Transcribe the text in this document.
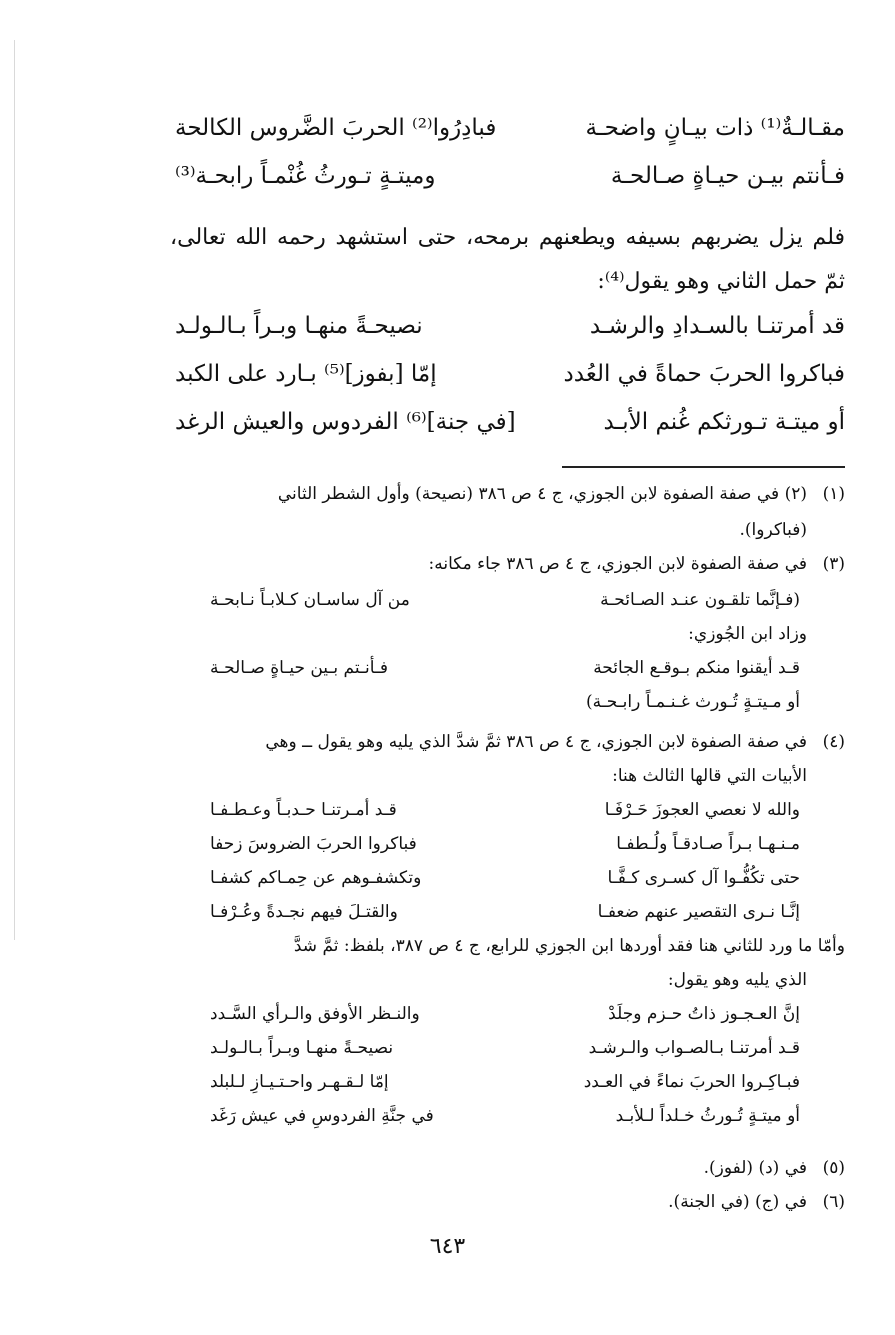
مقـالـةٌ⁽¹⁾ ذات بيـانٍ واضحـة
فبادِرُوا⁽²⁾ الحربَ الضَّروس الكالحة
فـأنتم بيـن حيـاةٍ صـالحـة
وميتـةٍ تـورثُ غُنْمـاً رابحـة⁽³⁾
فلم يزل يضربهم بسيفه ويطعنهم برمحه، حتى استشهد رحمه الله تعالى، ثمّ حمل الثاني وهو يقول⁽⁴⁾:
قد أمرتنـا بالسـدادِ والرشـد
نصيحـةً منهـا وبـراً بـالـولـد
فباكروا الحربَ حماةً في العُدد
إمّا [بفوز]⁽⁵⁾ بـارد على الكبد
أو ميتـة تـورثكم غُنم الأبـد
[في جنة]⁽⁶⁾ الفردوس والعيش الرغد
(١)(٢) في صفة الصفوة لابن الجوزي، ج ٤ ص ٣٨٦ (نصيحة) وأول الشطر الثاني
(فباكروا).
(٣)في صفة الصفوة لابن الجوزي، ج ٤ ص ٣٨٦ جاء مكانه:
(فـإنَّما تلقـون عنـد الصـائحـة
من آل ساسـان كـلابـاً نـابحـة
وزاد ابن الجُوزي:
قـد أيقنوا منكم بـوقـع الجائحة
فـأنـتم بـين حيـاةٍ صـالحـة
أو مـيتـةٍ تُـورث غـنـمـاً رابـحـة)
(٤)في صفة الصفوة لابن الجوزي، ج ٤ ص ٣٨٦ ثمَّ شدَّ الذي يليه وهو يقول ــ وهي
الأبيات التي قالها الثالث هنا:
والله لا نعصي العجوزَ حَـرْفَـا
قـد أمـرتنـا حـدبـاً وعـطـفـا
مـنـهـا بـراً صـادقـاً ولُـطفـا
فباكروا الحربَ الضروسَ زحفا
حتى تكُفُّـوا آل كسـرى كـفَّـا
وتكشفـوهم عن حِمـاكم كشفـا
إنَّـا نـرى التقصير عنهم ضعفـا
والقتـلَ فيهم نجـدةً وعُـرْفـا
وأمّا ما ورد للثاني هنا فقد أوردها ابن الجوزي للرابع، ج ٤ ص ٣٨٧، بلفظ: ثمَّ شدَّ
الذي يليه وهو يقول:
إنَّ العـجـوز ذاتُ حـزم وجلَدْ
والنـظر الأوفق والـرأي السَّـدد
قـد أمرتنـا بـالصـواب والـرشـد
نصيحـةً منهـا وبـراً بـالـولـد
فبـاكِـروا الحربَ نماءً في العـدد
إمّا لـقـهـر واحـتـيـازِ لـلبلد
أو ميتـةٍ تُـورثُ خـلداً لـلأبـد
في جنَّةِ الفردوسِ في عيش رَغَد
(٥)في (د) (لفوز).
(٦)في (ج) (في الجنة).
٦٤٣
